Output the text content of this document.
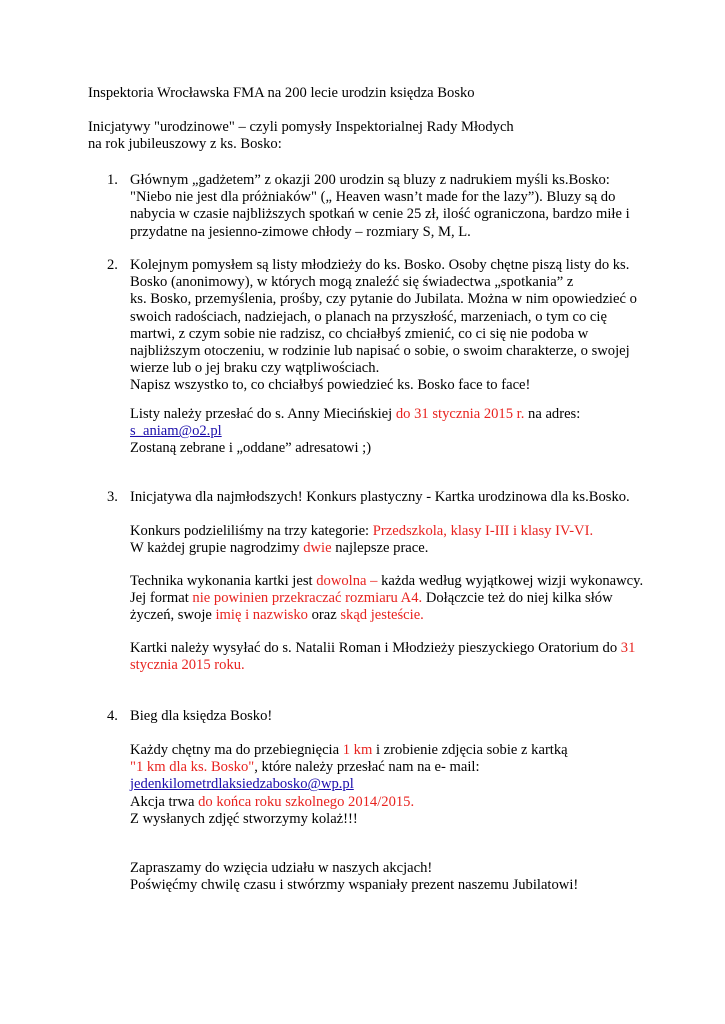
Inspektoria Wrocławska FMA na 200 lecie urodzin księdza Bosko
Inicjatywy "urodzinowe" – czyli pomysły Inspektorialnej Rady Młodych
na rok jubileuszowy z ks. Bosko:
1. Głównym „gadżetem” z okazji 200 urodzin są bluzy z nadrukiem myśli ks.Bosko:
"Niebo nie jest dla próżniaków" („ Heaven wasn’t made for the lazy”). Bluzy są do
nabycia w czasie najbliższych spotkań w cenie 25 zł, ilość ograniczona, bardzo miłe i
przydatne na jesienno-zimowe chłody – rozmiary S, M, L.
2. Kolejnym pomysłem są listy młodzieży do ks. Bosko. Osoby chętne piszą listy do ks.
Bosko (anonimowy), w których mogą znaleźć się świadectwa „spotkania” z
ks. Bosko, przemyślenia, prośby, czy pytanie do Jubilata. Można w nim opowiedzieć o
swoich radościach, nadziejach, o planach na przyszłość, marzeniach, o tym co cię
martwi, z czym sobie nie radzisz, co chciałbyś zmienić, co ci się nie podoba w
najbliższym otoczeniu, w rodzinie lub napisać o sobie, o swoim charakterze, o swojej
wierze lub o jej braku czy wątpliwościach.
Napisz wszystko to, co chciałbyś powiedzieć ks. Bosko face to face!
Listy należy przesłać do s. Anny Miecińskiej do 31 stycznia 2015 r. na adres:
s_aniam@o2.pl
Zostaną zebrane i „oddane” adresatowi ;)
3. Inicjatywa dla najmłodszych! Konkurs plastyczny - Kartka urodzinowa dla ks.Bosko.
Konkurs podzieliliśmy na trzy kategorie: Przedszkola, klasy I-III i klasy IV-VI.
W każdej grupie nagrodzimy dwie najlepsze prace.
Technika wykonania kartki jest dowolna – każda według wyjątkowej wizji wykonawcy.
Jej format nie powinien przekraczać rozmiaru A4. Dołączcie też do niej kilka słów
życzeń, swoje imię i nazwisko oraz skąd jesteście.
Kartki należy wysyłać do s. Natalii Roman i Młodzieży pieszyckiego Oratorium do 31
stycznia 2015 roku.
4. Bieg dla księdza Bosko!
Każdy chętny ma do przebiegnięcia 1 km i zrobienie zdjęcia sobie z kartką
"1 km dla ks. Bosko", które należy przesłać nam na e- mail:
jedenkilometrdlaksiedzabosko@wp.pl
Akcja trwa do końca roku szkolnego 2014/2015.
Z wysłanych zdjęć stworzymy kolaż!!!
Zapraszamy do wzięcia udziału w naszych akcjach!
Poświęćmy chwilę czasu i stwórzmy wspaniały prezent naszemu Jubilatowi!
